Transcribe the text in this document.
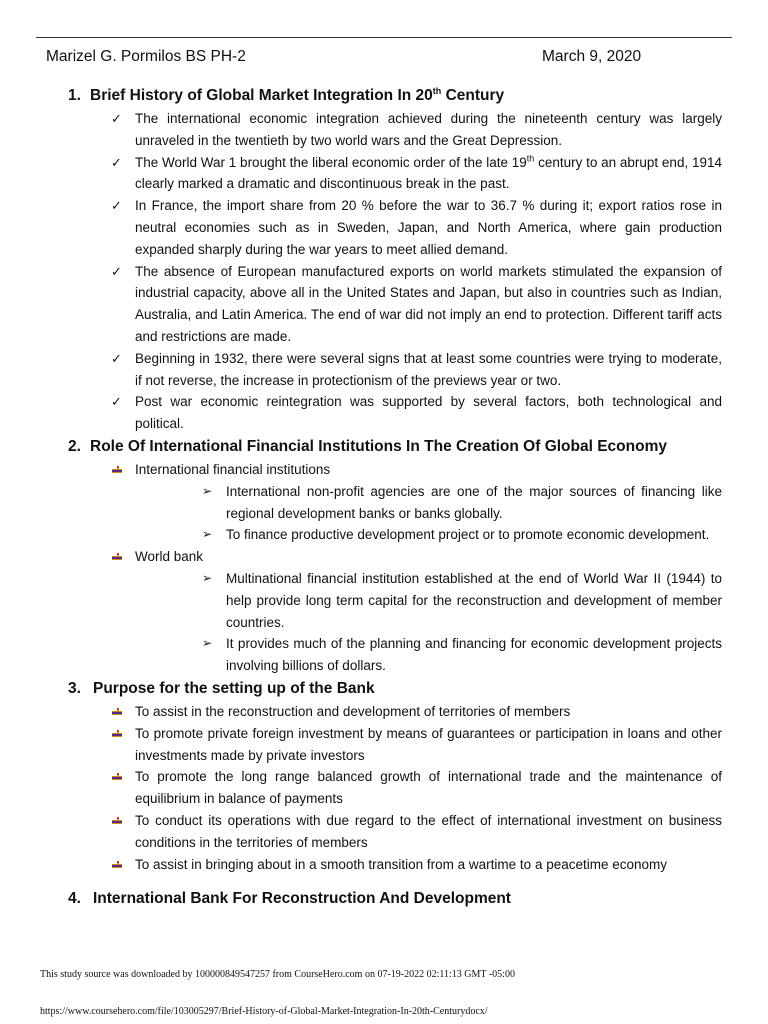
Marizel G. Pormilos BS PH-2	March 9, 2020
1. Brief History of Global Market Integration In 20th Century
✓ The international economic integration achieved during the nineteenth century was largely unraveled in the twentieth by two world wars and the Great Depression.
✓ The World War 1 brought the liberal economic order of the late 19th century to an abrupt end, 1914 clearly marked a dramatic and discontinuous break in the past.
✓ In France, the import share from 20 % before the war to 36.7 % during it; export ratios rose in neutral economies such as in Sweden, Japan, and North America, where gain production expanded sharply during the war years to meet allied demand.
✓ The absence of European manufactured exports on world markets stimulated the expansion of industrial capacity, above all in the United States and Japan, but also in countries such as Indian, Australia, and Latin America. The end of war did not imply an end to protection. Different tariff acts and restrictions are made.
✓ Beginning in 1932, there were several signs that at least some countries were trying to moderate, if not reverse, the increase in protectionism of the previews year or two.
✓ Post war economic reintegration was supported by several factors, both technological and political.
2. Role Of International Financial Institutions In The Creation Of Global Economy
International financial institutions
➢ International non-profit agencies are one of the major sources of financing like regional development banks or banks globally.
➢ To finance productive development project or to promote economic development.
World bank
➢ Multinational financial institution established at the end of World War II (1944) to help provide long term capital for the reconstruction and development of member countries.
➢ It provides much of the planning and financing for economic development projects involving billions of dollars.
3. Purpose for the setting up of the Bank
To assist in the reconstruction and development of territories of members
To promote private foreign investment by means of guarantees or participation in loans and other investments made by private investors
To promote the long range balanced growth of international trade and the maintenance of equilibrium in balance of payments
To conduct its operations with due regard to the effect of international investment on business conditions in the territories of members
To assist in bringing about in a smooth transition from a wartime to a peacetime economy
4. International Bank For Reconstruction And Development
This study source was downloaded by 100000849547257 from CourseHero.com on 07-19-2022 02:11:13 GMT -05:00
https://www.coursehero.com/file/103005297/Brief-History-of-Global-Market-Integration-In-20th-Centurydocx/
